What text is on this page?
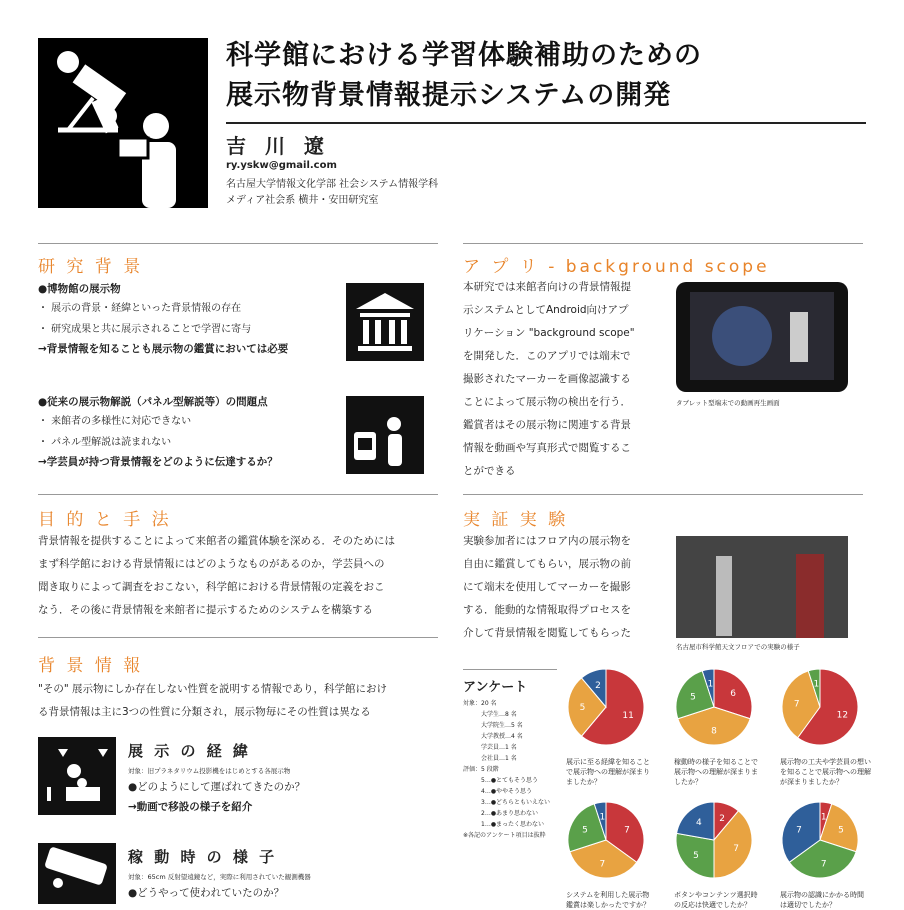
科学館における学習体験補助のための
展示物背景情報提示システムの開発
吉 川 遼
ry.yskw@gmail.com
名古屋大学情報文化学部 社会システム情報学科
メディア社会系 横井・安田研究室
研 究 背 景
●博物館の展示物
・ 展示の背景・経緯といった背景情報の存在
・ 研究成果と共に展示されることで学習に寄与
→背景情報を知ることも展示物の鑑賞においては必要
●従来の展示物解説（パネル型解説等）の問題点
・ 来館者の多様性に対応できない
・ パネル型解説は読まれない
→学芸員が持つ背景情報をどのように伝達するか？
目 的 と 手 法
背景情報を提供することによって来館者の鑑賞体験を深める．そのためには
まず科学館における背景情報にはどのようなものがあるのか，学芸員への
聞き取りによって調査をおこない，科学館における背景情報の定義をおこ
なう．その後に背景情報を来館者に提示するためのシステムを構築する
背 景 情 報
"その" 展示物にしか存在しない性質を説明する情報であり，科学館におけ
る背景情報は主に3つの性質に分類され，展示物毎にその性質は異なる
展 示 の 経 緯
対象：旧プラネタリウム投影機をはじめとする各展示物
●どのようにして運ばれてきたのか？
→動画で移設の様子を紹介
稼 動 時 の 様 子
対象：65cm 反射望遠鏡など，実際に利用されていた観測機器
●どうやって使われていたのか？
ア プ リ - background scope
本研究では来館者向けの背景情報提
示システムとしてAndroid向けアプ
リケーション "background scope"
を開発した．このアプリでは端末で
撮影されたマーカーを画像認識する
ことによって展示物の検出を行う．
鑑賞者はその展示物に関連する背景
情報を動画や写真形式で閲覧するこ
とができる
タブレット型端末での動画再生画面
実 証 実 験
実験参加者にはフロア内の展示物を
自由に鑑賞してもらい，展示物の前
にて端末を使用してマーカーを撮影
する．能動的な情報取得プロセスを
介して背景情報を閲覧してもらった
名古屋市科学館天文フロアでの実験の様子
アンケート
対象：20 名
　　　大学生…8 名
　　　大学院生…5 名
　　　大学教授…4 名
　　　学芸員…1 名
　　　会社員…1 名
評価：5 段階
　　　5…●とてもそう思う
　　　4…●ややそう思う
　　　3…●どちらともいえない
　　　2…●あまり思わない
　　　1…●まったく思わない
※各記のアンケート項目は抜粋
11
5
2
展示に至る経緯を知ること
で展示物への理解が深まり
ましたか？
6
8
5
1
稼動時の様子を知ることで
展示物への理解が深まりま
したか？
12
7
1
展示物の工夫や学芸員の想い
を知ることで展示物への理解
が深まりましたか？
7
7
5
1
システムを利用した展示物
鑑賞は楽しかったですか？
2
7
5
4
ボタンやコンテンツ選択時
の反応は快適でしたか？
1
5
7
7
展示物の認識にかかる時間
は適切でしたか？
